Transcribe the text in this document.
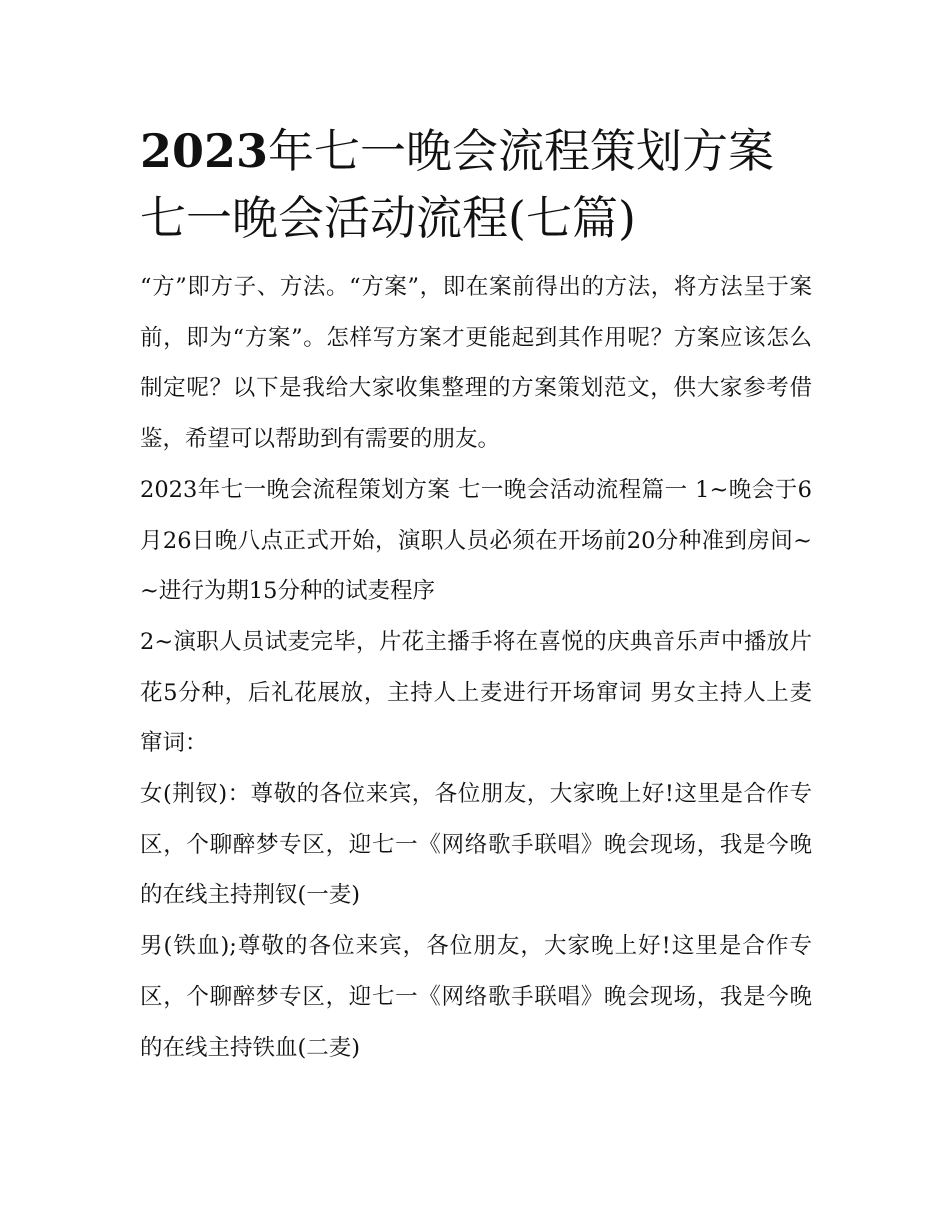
2023年七一晚会流程策划方案
七一晚会活动流程(七篇)

“方”即方子、方法。“方案”，即在案前得出的方法，将方法呈于案前，即为“方案”。怎样写方案才更能起到其作用呢？方案应该怎么制定呢？以下是我给大家收集整理的方案策划范文，供大家参考借鉴，希望可以帮助到有需要的朋友。

2023年七一晚会流程策划方案 七一晚会活动流程篇一 1~晚会于6月26日晚八点正式开始，演职人员必须在开场前20分种准到房间~~进行为期15分种的试麦程序

2~演职人员试麦完毕，片花主播手将在喜悦的庆典音乐声中播放片花5分种，后礼花展放，主持人上麦进行开场窜词 男女主持人上麦窜词：

女(荆钗)：尊敬的各位来宾，各位朋友，大家晚上好!这里是合作专区，个聊醉梦专区，迎七一《网络歌手联唱》晚会现场，我是今晚的在线主持荆钗(一麦)

男(铁血);尊敬的各位来宾，各位朋友，大家晚上好!这里是合作专区，个聊醉梦专区，迎七一《网络歌手联唱》晚会现场，我是今晚的在线主持铁血(二麦)
